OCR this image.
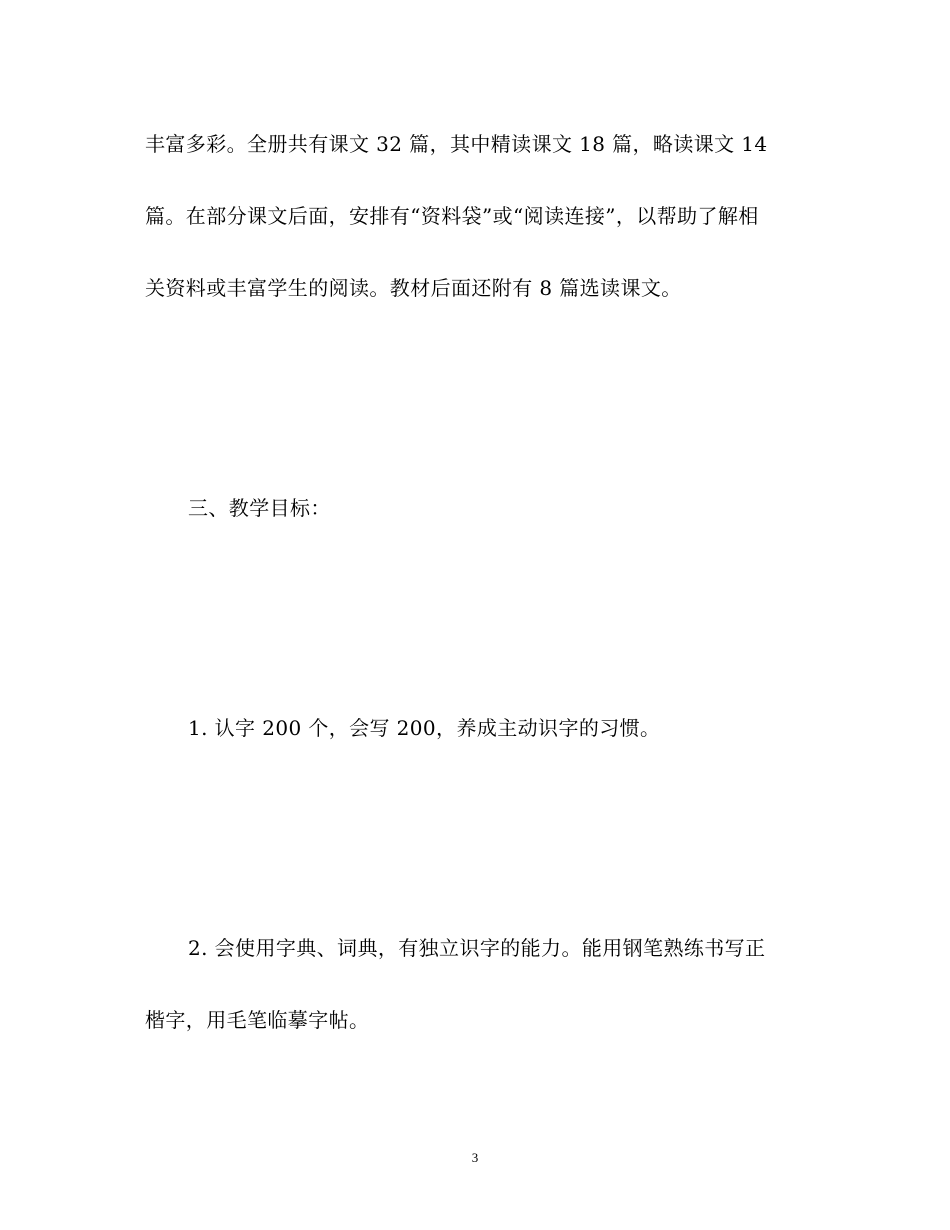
丰富多彩。全册共有课文 32 篇，其中精读课文 18 篇，略读课文 14
篇。在部分课文后面，安排有“资料袋”或“阅读连接”，以帮助了解相
关资料或丰富学生的阅读。教材后面还附有 8 篇选读课文。
三、教学目标：
1. 认字 200 个，会写 200，养成主动识字的习惯。
2. 会使用字典、词典，有独立识字的能力。能用钢笔熟练书写正
楷字，用毛笔临摹字帖。
3
